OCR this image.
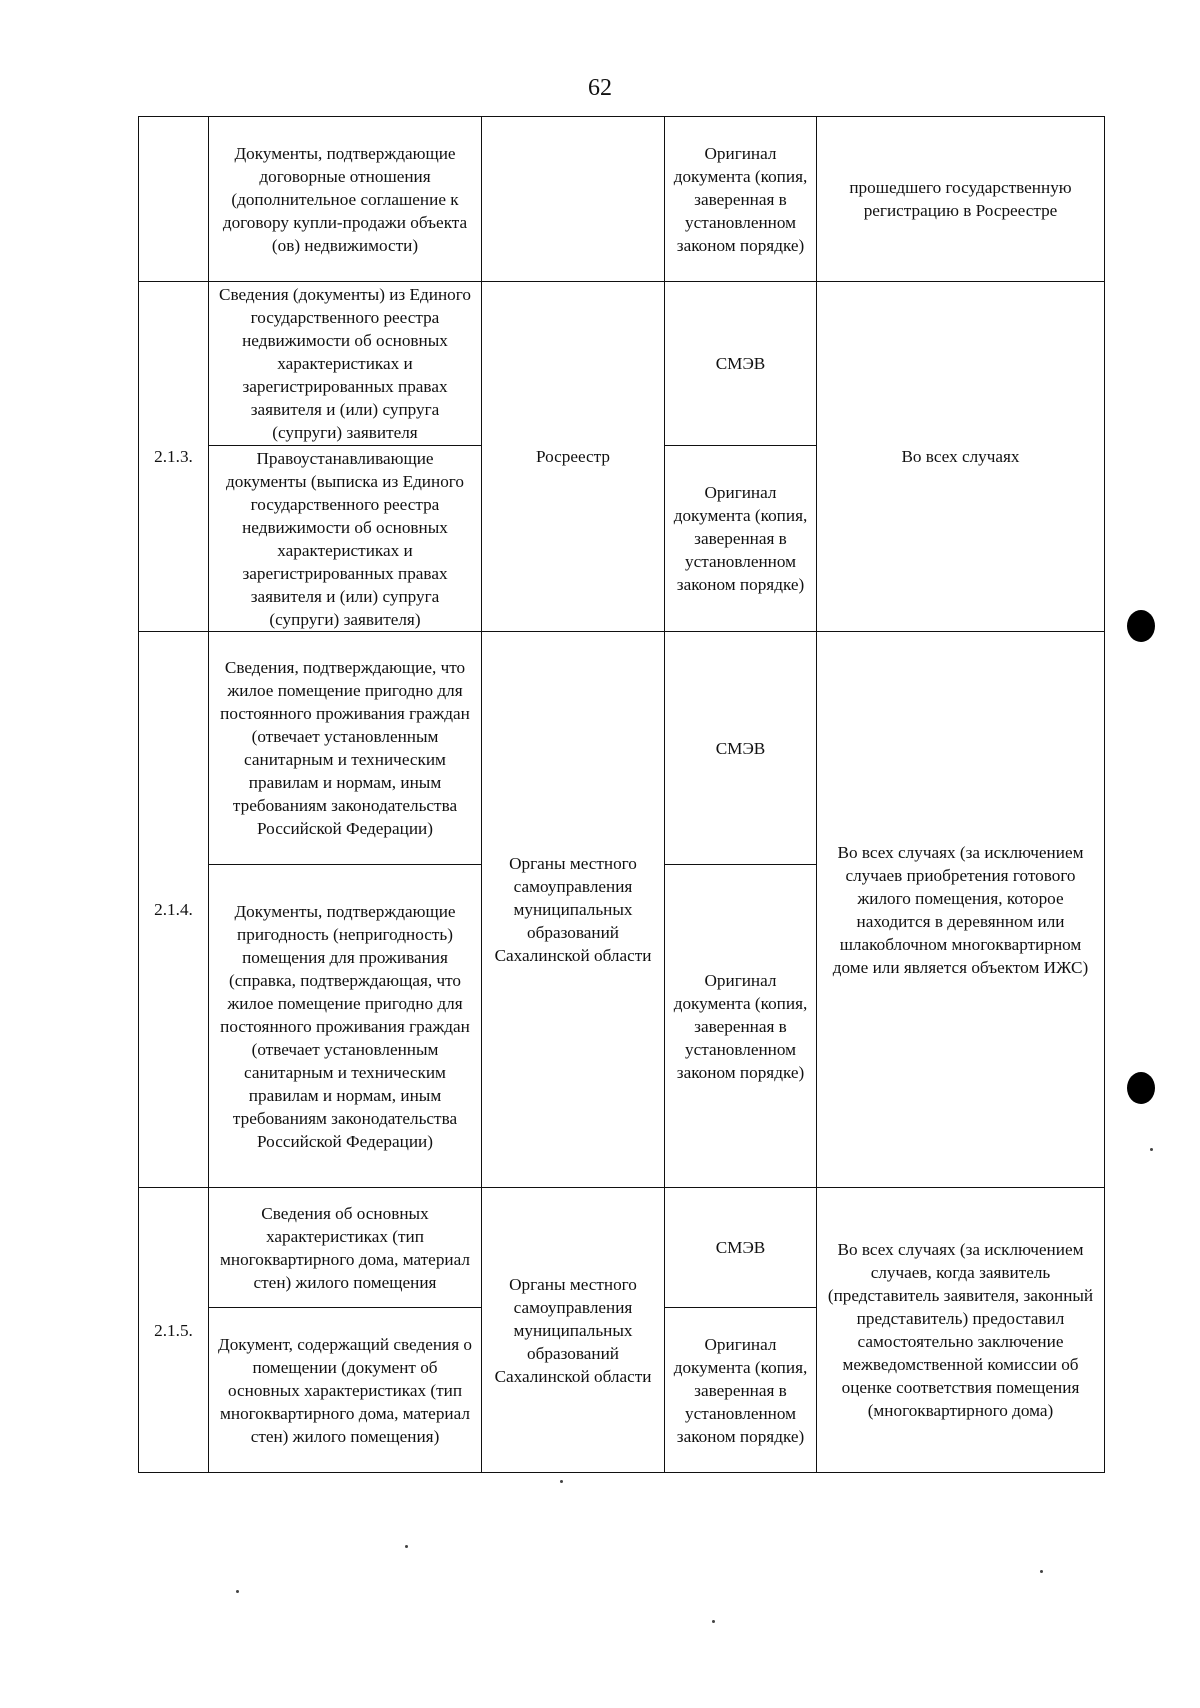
62
	Документы, подтверждающие договорные отношения (дополнительное соглашение к договору купли-продажи объекта (ов) недвижимости)		Оригинал документа (копия, заверенная в установленном законом порядке)	прошедшего государственную регистрацию в Росреестре
2.1.3.	Сведения (документы) из Единого государственного реестра недвижимости об основных характеристиках и зарегистрированных правах заявителя и (или) супруга (супруги) заявителя	Росреестр	СМЭВ	Во всех случаях
	Правоустанавливающие документы (выписка из Единого государственного реестра недвижимости об основных характеристиках и зарегистрированных правах заявителя и (или) супруга (супруги) заявителя)		Оригинал документа (копия, заверенная в установленном законом порядке)	
2.1.4.	Сведения, подтверждающие, что жилое помещение пригодно для постоянного проживания граждан (отвечает установленным санитарным и техническим правилам и нормам, иным требованиям законодательства Российской Федерации)	Органы местного самоуправления муниципальных образований Сахалинской области	СМЭВ	Во всех случаях (за исключением случаев приобретения готового жилого помещения, которое находится в деревянном или шлакоблочном многоквартирном доме или является объектом ИЖС)
	Документы, подтверждающие пригодность (непригодность) помещения для проживания (справка, подтверждающая, что жилое помещение пригодно для постоянного проживания граждан (отвечает установленным санитарным и техническим правилам и нормам, иным требованиям законодательства Российской Федерации)		Оригинал документа (копия, заверенная в установленном законом порядке)	
2.1.5.	Сведения об основных характеристиках (тип многоквартирного дома, материал стен) жилого помещения	Органы местного самоуправления муниципальных образований Сахалинской области	СМЭВ	Во всех случаях (за исключением случаев, когда заявитель (представитель заявителя, законный представитель) предоставил самостоятельно заключение межведомственной комиссии об оценке соответствия помещения (многоквартирного дома)
	Документ, содержащий сведения о помещении (документ об основных характеристиках (тип многоквартирного дома, материал стен) жилого помещения)		Оригинал документа (копия, заверенная в установленном законом порядке)	
